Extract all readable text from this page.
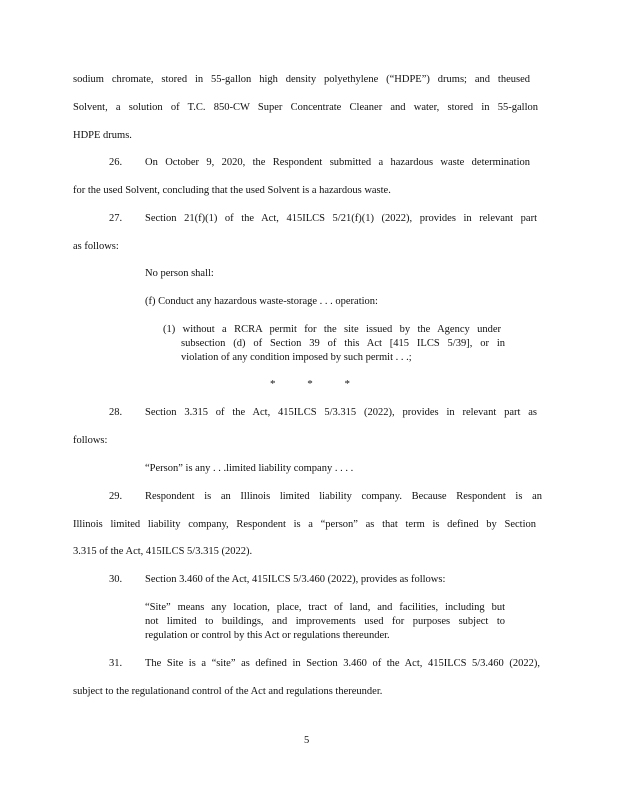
sodium chromate, stored in 55-gallon high density polyethylene (“HDPE”) drums; and theused
Solvent, a solution of T.C. 850-CW Super Concentrate Cleaner and water, stored in 55-gallon
HDPE drums.
26. On October 9, 2020, the Respondent submitted a hazardous waste determination
for the used Solvent, concluding that the used Solvent is a hazardous waste.
27. Section 21(f)(1) of the Act, 415ILCS 5/21(f)(1) (2022), provides in relevant part
as follows:
No person shall:
(f) Conduct any hazardous waste-storage . . . operation:
(1) without a RCRA permit for the site issued by the Agency under
subsection (d) of Section 39 of this Act [415 ILCS 5/39], or in
violation of any condition imposed by such permit . . .;
*	*	*
28. Section 3.315 of the Act, 415ILCS 5/3.315 (2022), provides in relevant part as
follows:
“Person” is any . . .limited liability company . . . .
29. Respondent is an Illinois limited liability company. Because Respondent is an
Illinois limited liability company, Respondent is a “person” as that term is defined by Section
3.315 of the Act, 415ILCS 5/3.315 (2022).
30. Section 3.460 of the Act, 415ILCS 5/3.460 (2022), provides as follows:
“Site” means any location, place, tract of land, and facilities, including but
not limited to buildings, and improvements used for purposes subject to
regulation or control by this Act or regulations thereunder.
31. The Site is a “site” as defined in Section 3.460 of the Act, 415ILCS 5/3.460 (2022),
subject to the regulationand control of the Act and regulations thereunder.
5
